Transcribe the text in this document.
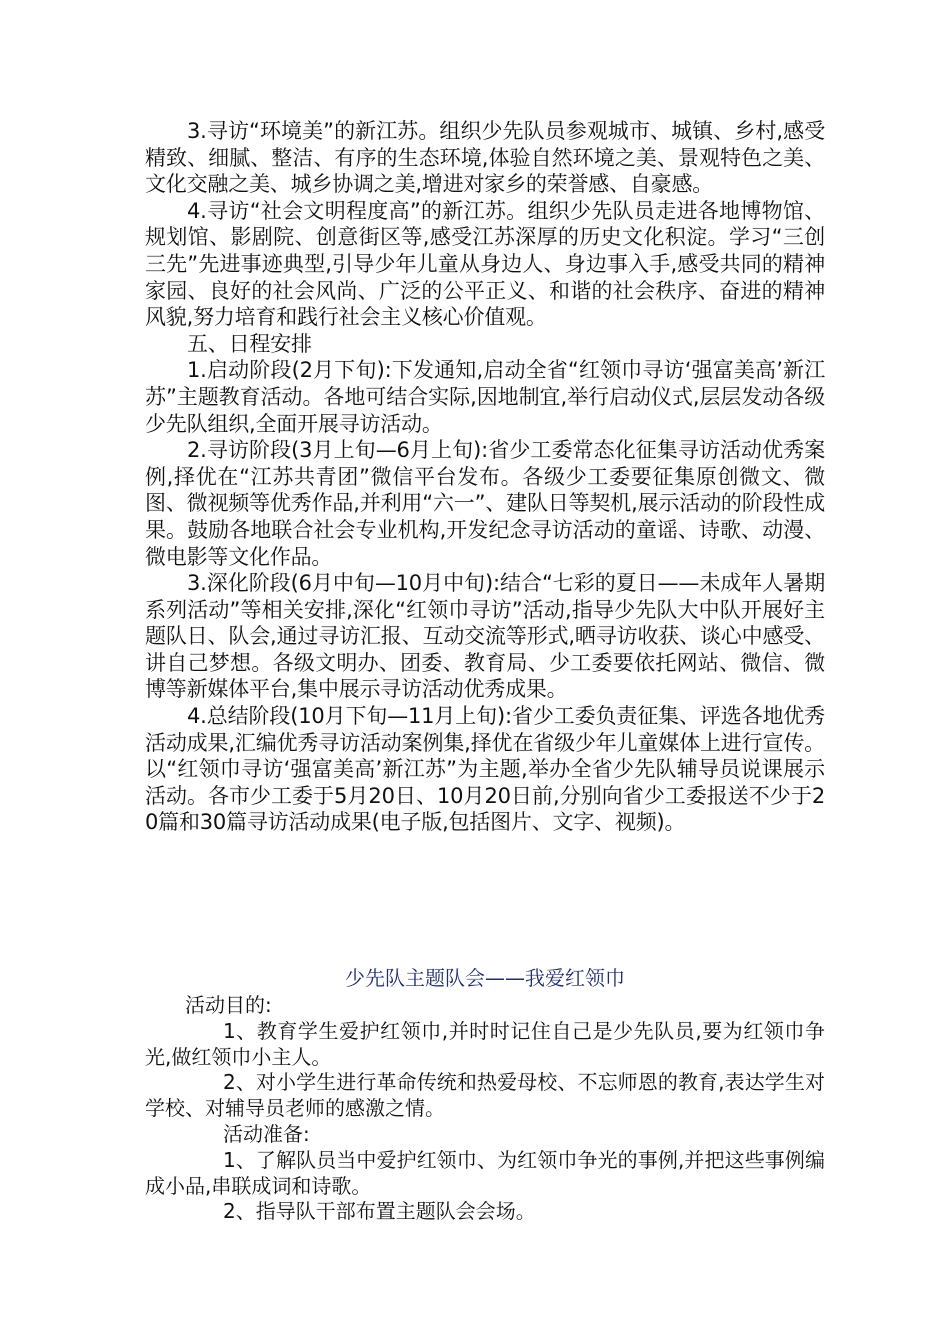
3.寻访“环境美”的新江苏。组织少先队员参观城市、城镇、乡村,感受精致、细腻、整洁、有序的生态环境,体验自然环境之美、景观特色之美、文化交融之美、城乡协调之美,增进对家乡的荣誉感、自豪感。

4.寻访“社会文明程度高”的新江苏。组织少先队员走进各地博物馆、规划馆、影剧院、创意街区等,感受江苏深厚的历史文化积淀。学习“三创三先”先进事迹典型,引导少年儿童从身边人、身边事入手,感受共同的精神家园、良好的社会风尚、广泛的公平正义、和谐的社会秩序、奋进的精神风貌,努力培育和践行社会主义核心价值观。

五、日程安排

1.启动阶段(2月下旬):下发通知,启动全省“红领巾寻访‘强富美高’新江苏”主题教育活动。各地可结合实际,因地制宜,举行启动仪式,层层发动各级少先队组织,全面开展寻访活动。

2.寻访阶段(3月上旬—6月上旬):省少工委常态化征集寻访活动优秀案例,择优在“江苏共青团”微信平台发布。各级少工委要征集原创微文、微图、微视频等优秀作品,并利用“六一”、建队日等契机,展示活动的阶段性成果。鼓励各地联合社会专业机构,开发纪念寻访活动的童谣、诗歌、动漫、微电影等文化作品。

3.深化阶段(6月中旬—10月中旬):结合“七彩的夏日——未成年人暑期系列活动”等相关安排,深化“红领巾寻访”活动,指导少先队大中队开展好主题队日、队会,通过寻访汇报、互动交流等形式,晒寻访收获、谈心中感受、讲自己梦想。各级文明办、团委、教育局、少工委要依托网站、微信、微博等新媒体平台,集中展示寻访活动优秀成果。

4.总结阶段(10月下旬—11月上旬):省少工委负责征集、评选各地优秀活动成果,汇编优秀寻访活动案例集,择优在省级少年儿童媒体上进行宣传。以“红领巾寻访‘强富美高’新江苏”为主题,举办全省少先队辅导员说课展示活动。各市少工委于5月20日、10月20日前,分别向省少工委报送不少于20篇和30篇寻访活动成果(电子版,包括图片、文字、视频)。

少先队主题队会——我爱红领巾

活动目的:

1、教育学生爱护红领巾,并时时记住自己是少先队员,要为红领巾争光,做红领巾小主人。

2、对小学生进行革命传统和热爱母校、不忘师恩的教育,表达学生对学校、对辅导员老师的感激之情。

活动准备:

1、了解队员当中爱护红领巾、为红领巾争光的事例,并把这些事例编成小品,串联成词和诗歌。

2、指导队干部布置主题队会会场。
